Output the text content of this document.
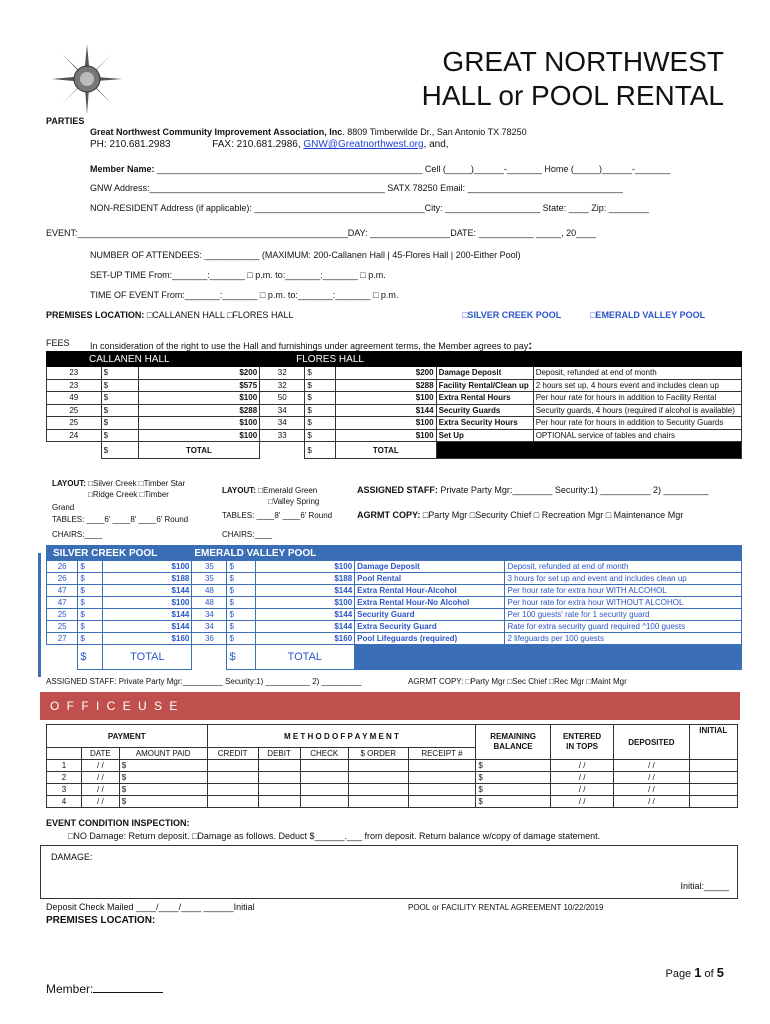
GREAT NORTHWEST
HALL or POOL RENTAL
PARTIES
Great Northwest Community Improvement Association, Inc. 8809 Timberwilde Dr., San Antonio TX 78250
PH: 210.681.2983	FAX: 210.681.2986, GNW@Greatnorthwest.org, and,
Member Name: _____________________________________________________ Cell (_____)______-_______ Home (_____)______-_______
GNW Address:_______________________________________________ SATX 78250 Email: _______________________________
NON-RESIDENT Address (if applicable): __________________________________City: ___________________ State: ____ Zip: ________
EVENT:______________________________________________________DAY: ________________DATE: ___________ _____, 20____
NUMBER OF ATTENDEES: ___________ (MAXIMUM: 200-Callanen Hall | 45-Flores Hall | 200-Either Pool)
SET-UP TIME From:_______:_______ □ p.m. to:_______:_______ □ p.m.
TIME OF EVENT From:_______:_______ □ p.m. to:_______:_______ □ p.m.
PREMISES LOCATION: □CALLANEN HALL □FLORES HALL	□SILVER CREEK POOL	□EMERALD VALLEY POOL
FEES In consideration of the right to use the Hall and furnishings under agreement terms, the Member agrees to pay:
CALLANEN HALL			FLORES HALL				
23	$	$200	32	$	$200	Damage Deposit	Deposit, refunded at end of month
23	$	$575	32	$	$288	Facility Rental/Clean up	2 hours set up, 4 hours event and includes clean up
49	$	$100	50	$	$100	Extra Rental Hours	Per hour rate for hours in addition to Facility Rental
25	$	$288	34	$	$144	Security Guards	Security guards, 4 hours (required if alcohol is available)
25	$	$100	34	$	$100	Extra Security Hours	Per hour rate for hours in addition to Security Guards
24	$	$100	33	$	$100	Set Up	OPTIONAL service of tables and chairs
	$	TOTAL		$	TOTAL		
LAYOUT: □Silver Creek □Timber Star
□Ridge Creek □Timber
Grand
TABLES: ____6' ____8' ____6' Round
CHAIRS:____
LAYOUT: □Emerald Green
□Valley Spring
TABLES: ____8' ____6' Round
CHAIRS:____
ASSIGNED STAFF: Private Party Mgr:________ Security:1) __________ 2) _________
AGRMT COPY: □Party Mgr □Security Chief □ Recreation Mgr □ Maintenance Mgr
SILVER CREEK POOL			EMERALD VALLEY POOL				
26	$	$100	35	$	$100	Damage Deposit	Deposit, refunded at end of month
26	$	$188	35	$	$188	Pool Rental	3 hours for set up and event and includes clean up
47	$	$144	48	$	$144	Extra Rental Hour-Alcohol	Per hour rate for extra hour WITH ALCOHOL
47	$	$100	48	$	$100	Extra Rental Hour-No Alcohol	Per hour rate for extra hour WITHOUT ALCOHOL
25	$	$144	34	$	$144	Security Guard	Per 100 guests' rate for 1 security guard
25	$	$144	34	$	$144	Extra Security Guard	Rate for extra security guard required ^100 guests
27	$	$160	36	$	$160	Pool Lifeguards (required)	2 lifeguards per 100 guests
	$	TOTAL		$	TOTAL		
ASSIGNED STAFF: Private Party Mgr:_________ Security:1) __________ 2) _________	AGRMT COPY: □Party Mgr □Sec Chief □Rec Mgr □Maint Mgr
O F F I C E U S E
PAYMENT			M E T H O D O F P A Y M E N T					REMAINING
BALANCE	ENTERED
IN TOPS	DEPOSITED	INITIAL
	DATE	AMOUNT PAID	CREDIT	DEBIT	CHECK	$ ORDER	RECEIPT #				
1	/ /	$						$	/ /	/ /	
2	/ /	$						$	/ /	/ /	
3	/ /	$						$	/ /	/ /	
4	/ /	$						$	/ /	/ /	
EVENT CONDITION INSPECTION:
□NO Damage: Return deposit. □Damage as follows. Deduct $______.___ from deposit. Return balance w/copy of damage statement.
DAMAGE:
Initial:_____
Deposit Check Mailed ____/____/____ ______Initial	POOL or FACILITY RENTAL AGREEMENT 10/22/2019
PREMISES LOCATION:
Page 1 of 5
Member:
